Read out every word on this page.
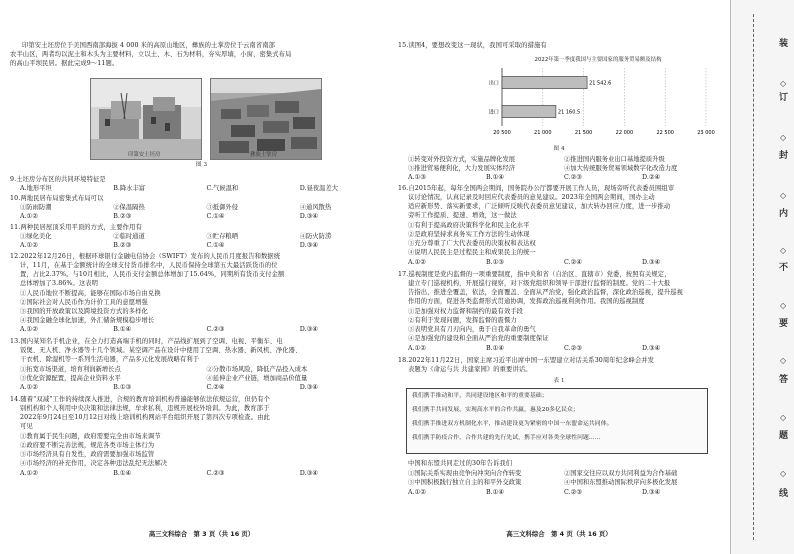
印第安土坯房位于美国西南部海拔 4 000 米的高原山地区，彝族的土掌房位于云南省南部
农半山区，两者均以泥土和木头为主要材料，立以土、木、石为材料，夯实厚墙，小窗，密集式布局
的高山平坝民居。据此完成9～11题。
印第安土坯房	彝族土掌房
图 3
9.土坯房分布区的共同环境特征是
A.地形平坦	B.降水丰富	C.气候温和	D.昼夜温差大
10.两地民居布局密集式布局可以
①防雨防潮	②保温隔热	③抵御外侵	④通风散热
A.①②	B.②③	C.①④	D.③④
11.两种民居屋顶采用平顶的方式，主要作用有
①绿化美化	②临时通道	③贮存粮晒	④防火防涝
A.①②	B.②③	C.①④	D.③④
12.2022年12月26日，根据环球银行金融电信协会（SWIFT）发布的人民币月度报告和数据统
计，11月，在基于金额统计的全球支付货币排名中，人民币保持全球第五大最活跃货币的位
置，占比2.37%。与10月相比，人民币支付金额总体增加了15.64%，同期所有货币支付金额
总体增加了3.86%。这表明
①人民币地位不断提高，能够在国际市场自由兑换
②国际社会对人民币作为计价工具的意愿增强
③我国的开放政策以及跨境投资方式的多样化
④我国金融全球化加速，外汇储备规模稳步增长
A.①②	B.①④	C.②③	D.③④
13.国内某知名手机企业，在全力打造高端手机的同时，产品线扩展到了空调、电视、平衡车、电
饭煲、无人机、净水器等十几个领域。某空调产品在设计中使用了空调、热水器、新风机、净化器、
干衣机、除湿机等一系列生活电器，产品多元化发展战略有利于
①拓宽市场渠道，培育利润新增长点	②分散市场风险，降低产品投入成本
③优化资源配置，提高企业资料水平	④延伸企业产业链，增加商品价值量
A.①②	B.①③	C.②④	D.③④
14.随着“双减”工作的持续深入推进，合规的教育培训机构普遍能够依法依规运营，但仍有个
别机构和个人利用中央决策和法律法规，牟求私利，违规开展校外培训。为此，教育部于
2022年9月24日至10月12日对线上培训机构网站平台组织开展了第四次专项检查。由此
可见
①教育属于民生问题，政府需要完全由市场来调节
②政府要不断完善法规，规范各类市场主体行为
③市场经济具有自发性，政府需要加强市场监管
④市场经济的补充作用，决定各种违法乱纪无法解决
A.①②	B.①④	C.②③	D.③④
高三文科综合　第 3 页（共 16 页）
15.读图4，要想改变这一现状，我国可采取的措施有
2022年第一季度我国与主要国家的服务贸易额及结构
20 500	21 000	21 500	22 000	22 500	23 000
出口	21 542.6
进口	21 160.5
图 4
①转变对外投资方式，实施品牌化发展	②推进国内服务业出口基地提质升级
③推进贸易便利化，大力发展实体经济	④加大传统服务贸易领域数字化改造力度
A.①③	B.①④	C.②③	D.②④
16.自2015年起，每年全国两会期间，国务院办公厅都要开展工作人员，现场旁听代表委员围组审
议讨论情况，认真记录及时回应代表委员的意见建议。2023年全国两会期间，国办主动
适应新形势、落实新要求，广泛倾听反映代表委员意见建议，加大转办回应力度，进一步推动
旁听工作提质、提速、增效，这一做法
①有利于提高政府决策科学化和民主化水平
②是政府坚持求真务实工作方法的生动体现
③充分尊重了广大代表委员的决策权和表达权
④说明人民民主是过程民主和成果民主的统一
A.①②	B.①③	C.②④	D.③④
17.巡视制度是党内监督的一项重要制度，指中央和省（自治区、直辖市）党委，按照有关规定，
建立专门巡视机构，开展巡行视察，对下级党组织和领导干部进行监督的制度。党的二十大报
告指出，推进全覆盖，依法，全面覆盖、全面从严治党，强化政治监督，深化政治巡视，提升巡视
作用的方面，促进各类监督形式贯通协调，发挥政治巡视利剑作用。我国的巡视制度
①是加强对权力监督和制约的最有效手段
②有利于发现问题，发挥监督的震慑力
③表明党具有刀刃向内，勇于自我革命的勇气
④是加强党的建设和全面从严治党的重要制度保证
A.①②	B.①④	C.②③	D.③④
18.2022年11月22日，国家主席习近平出席中国一东盟建立对话关系30周年纪念峰会并发
表题为《命运与共 共建家园》的重要讲话。
表 1
我们携手推动和平，共同建设地区和平的重要基础；
我们携手共同发展，实现高水平的合作共赢，惠及20多亿民众；
我们携手推进双方机制化水平，推动建设更为紧密的中国一东盟命运共同体。
我们携手防疫合作，合作共建的先行先试，携手应对各类全球性问题......
中国和东盟共同走过的30年告诉我们
①国际关系实现由竞争向冲突向合作转变	②国家交往应以双方共同利益为合作基础
③中国积极践行独立自主的和平外交政策	④中国和东盟推动国际秩序向多极化发展
A.①②	B.①④	C.②③	D.③④
高三文科综合　第 4 页（共 16 页）
装
◇
订
◇
封
◇
内
◇
不
◇
要
◇
答
◇
题
◇
线
